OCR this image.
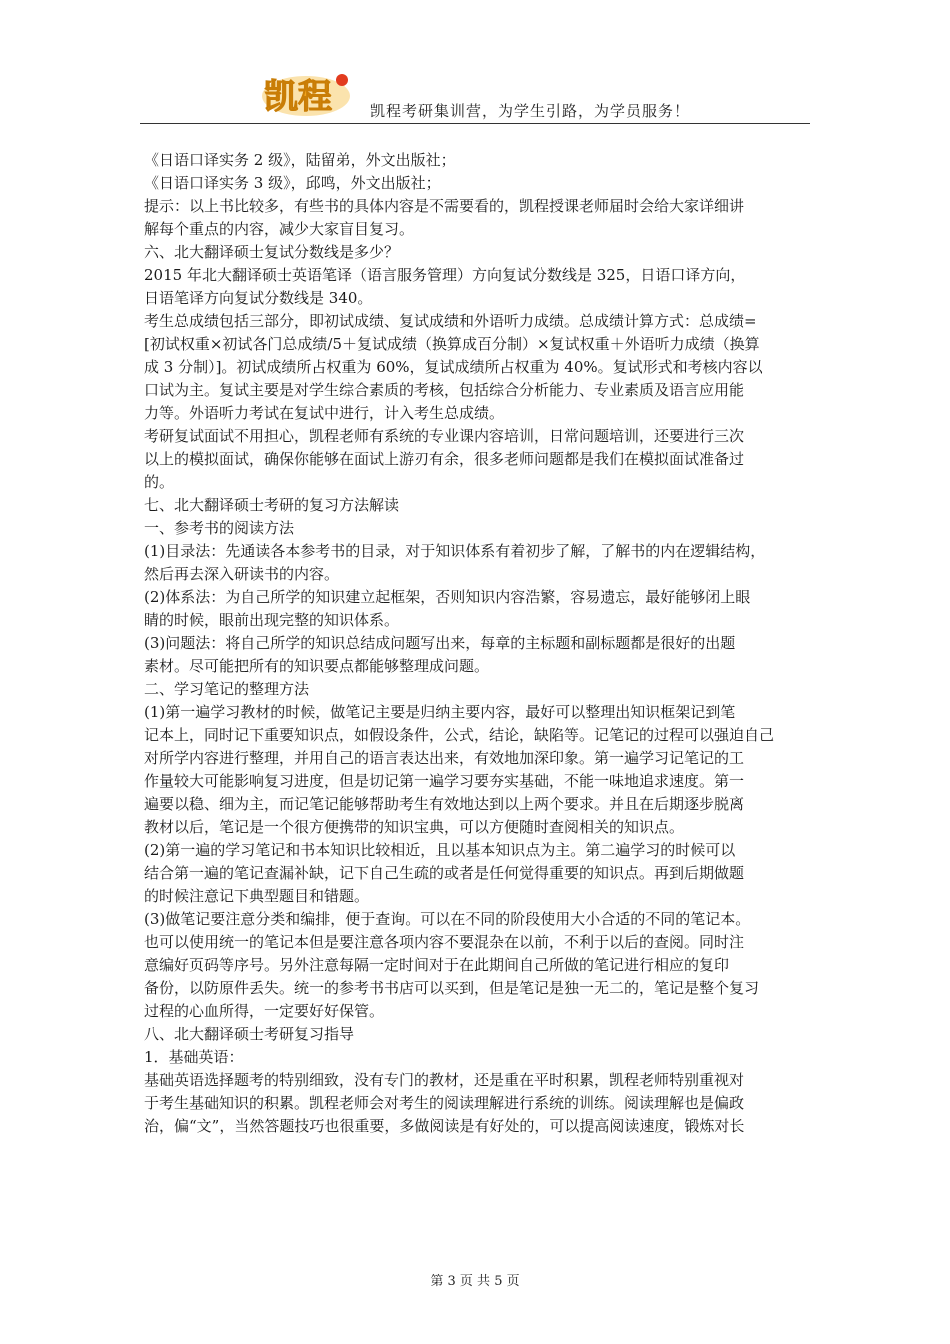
凯程	凯程考研集训营，为学生引路，为学员服务！
《日语口译实务 2 级》，陆留弟，外文出版社；
《日语口译实务 3 级》，邱鸣，外文出版社；
提示：以上书比较多，有些书的具体内容是不需要看的，凯程授课老师届时会给大家详细讲
解每个重点的内容，减少大家盲目复习。
六、北大翻译硕士复试分数线是多少？
2015 年北大翻译硕士英语笔译（语言服务管理）方向复试分数线是 325，日语口译方向，
日语笔译方向复试分数线是 340。
考生总成绩包括三部分，即初试成绩、复试成绩和外语听力成绩。总成绩计算方式：总成绩=
[初试权重×初试各门总成绩/5＋复试成绩（换算成百分制）×复试权重＋外语听力成绩（换算
成 3 分制）]。初试成绩所占权重为 60%，复试成绩所占权重为 40%。复试形式和考核内容以
口试为主。复试主要是对学生综合素质的考核，包括综合分析能力、专业素质及语言应用能
力等。外语听力考试在复试中进行，计入考生总成绩。
考研复试面试不用担心，凯程老师有系统的专业课内容培训，日常问题培训，还要进行三次
以上的模拟面试，确保你能够在面试上游刃有余，很多老师问题都是我们在模拟面试准备过
的。
七、北大翻译硕士考研的复习方法解读
一、参考书的阅读方法
(1)目录法：先通读各本参考书的目录，对于知识体系有着初步了解，了解书的内在逻辑结构，
然后再去深入研读书的内容。
(2)体系法：为自己所学的知识建立起框架，否则知识内容浩繁，容易遗忘，最好能够闭上眼
睛的时候，眼前出现完整的知识体系。
(3)问题法：将自己所学的知识总结成问题写出来，每章的主标题和副标题都是很好的出题
素材。尽可能把所有的知识要点都能够整理成问题。
二、学习笔记的整理方法
(1)第一遍学习教材的时候，做笔记主要是归纳主要内容，最好可以整理出知识框架记到笔
记本上，同时记下重要知识点，如假设条件，公式，结论，缺陷等。记笔记的过程可以强迫自己
对所学内容进行整理，并用自己的语言表达出来，有效地加深印象。第一遍学习记笔记的工
作量较大可能影响复习进度，但是切记第一遍学习要夯实基础，不能一味地追求速度。第一
遍要以稳、细为主，而记笔记能够帮助考生有效地达到以上两个要求。并且在后期逐步脱离
教材以后，笔记是一个很方便携带的知识宝典，可以方便随时查阅相关的知识点。
(2)第一遍的学习笔记和书本知识比较相近，且以基本知识点为主。第二遍学习的时候可以
结合第一遍的笔记查漏补缺，记下自己生疏的或者是任何觉得重要的知识点。再到后期做题
的时候注意记下典型题目和错题。
(3)做笔记要注意分类和编排，便于查询。可以在不同的阶段使用大小合适的不同的笔记本。
也可以使用统一的笔记本但是要注意各项内容不要混杂在以前，不利于以后的查阅。同时注
意编好页码等序号。另外注意每隔一定时间对于在此期间自己所做的笔记进行相应的复印
备份，以防原件丢失。统一的参考书书店可以买到，但是笔记是独一无二的，笔记是整个复习
过程的心血所得，一定要好好保管。
八、北大翻译硕士考研复习指导
1．基础英语：
基础英语选择题考的特别细致，没有专门的教材，还是重在平时积累，凯程老师特别重视对
于考生基础知识的积累。凯程老师会对考生的阅读理解进行系统的训练。阅读理解也是偏政
治，偏“文”，当然答题技巧也很重要，多做阅读是有好处的，可以提高阅读速度，锻炼对长
第 3 页 共 5 页
